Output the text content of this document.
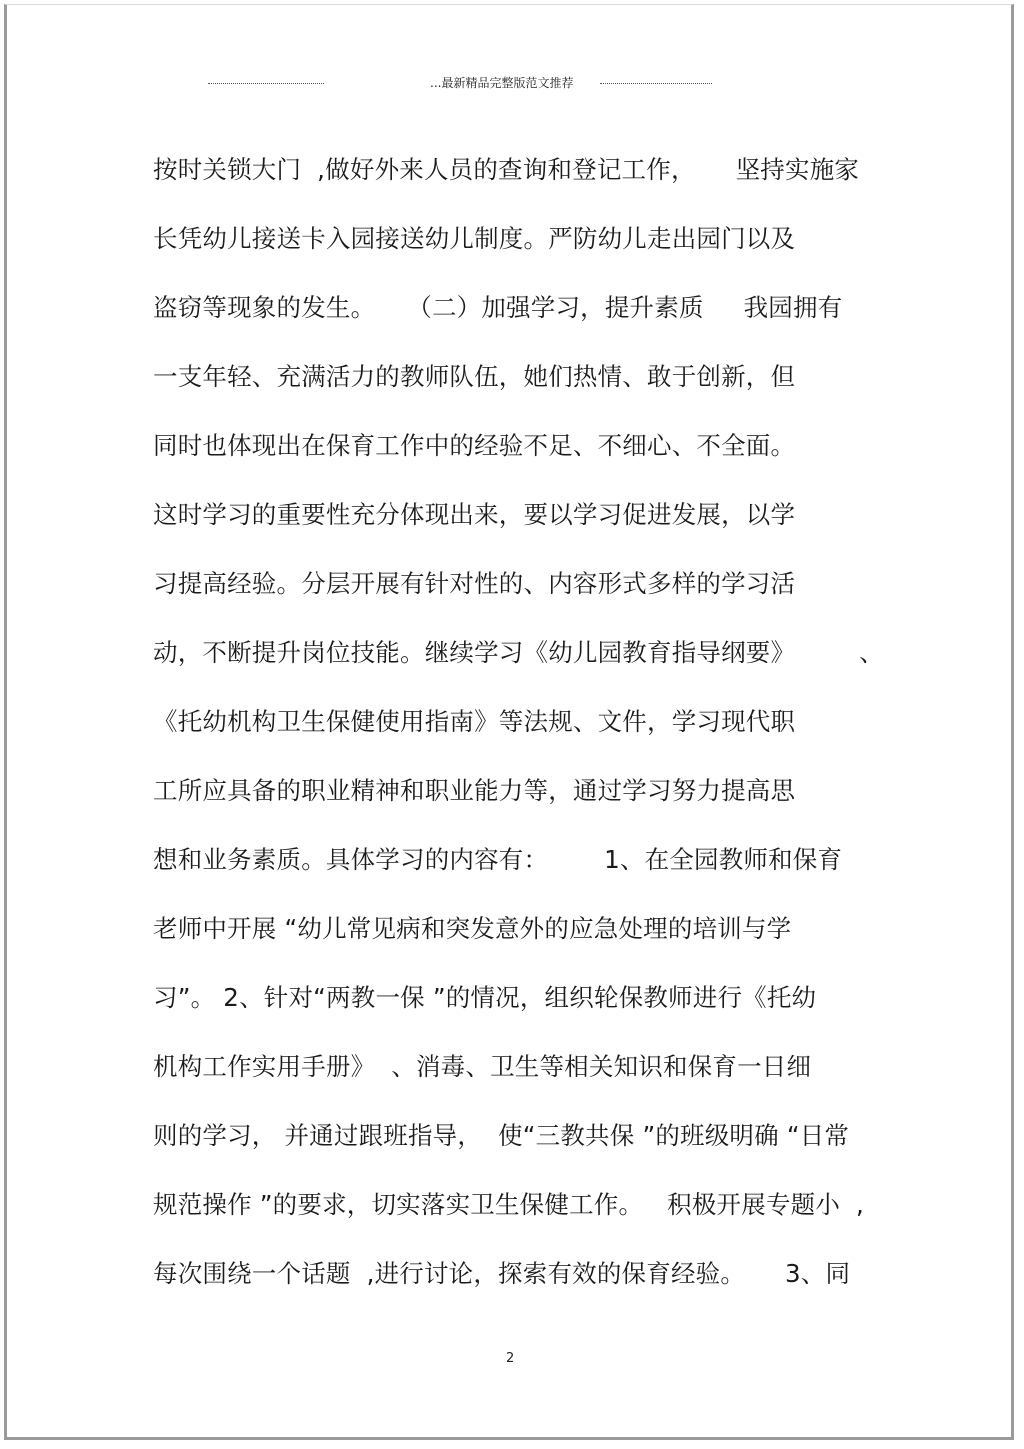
...最新精品完整版范文推荐
按时关锁大门  ,做好外来人员的查询和登记工作，     坚持实施家
长凭幼儿接送卡入园接送幼儿制度。严防幼儿走出园门以及
盗窃等现象的发生。    （二）加强学习，提升素质     我园拥有
一支年轻、充满活力的教师队伍，她们热情、敢于创新，但
同时也体现出在保育工作中的经验不足、不细心、不全面。
这时学习的重要性充分体现出来，要以学习促进发展，以学
习提高经验。分层开展有针对性的、内容形式多样的学习活
动，不断提升岗位技能。继续学习《幼儿园教育指导纲要》        、
《托幼机构卫生保健使用指南》等法规、文件，学习现代职
工所应具备的职业精神和职业能力等，通过学习努力提高思
想和业务素质。具体学习的内容有：       1、在全园教师和保育
老师中开展 “幼儿常见病和突发意外的应急处理的培训与学
习”。 2、针对“两教一保 ”的情况，组织轮保教师进行《托幼
机构工作实用手册》  、消毒、卫生等相关知识和保育一日细
则的学习， 并通过跟班指导，  使“三教共保 ”的班级明确 “日常
规范操作 ”的要求，切实落实卫生保健工作。   积极开展专题小  ,
每次围绕一个话题  ,进行讨论，探索有效的保育经验。     3、同
2
